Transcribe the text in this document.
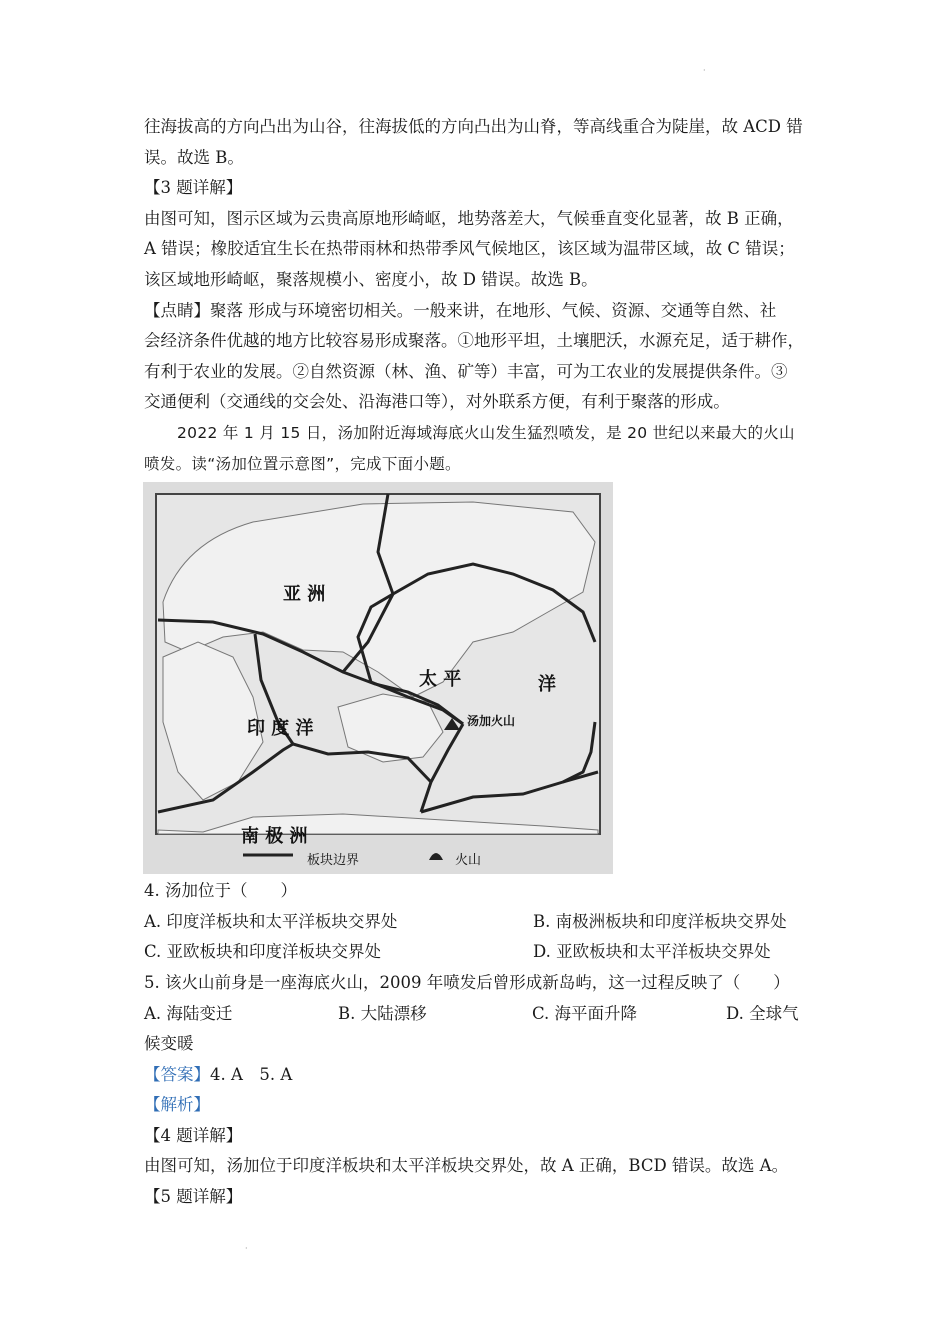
·
往海拔高的方向凸出为山谷，往海拔低的方向凸出为山脊，等高线重合为陡崖，故 ACD 错
误。故选 B。
【3 题详解】
由图可知，图示区域为云贵高原地形崎岖，地势落差大，气候垂直变化显著，故 B 正确，
A 错误；橡胶适宜生长在热带雨林和热带季风气候地区，该区域为温带区域，故 C 错误；
该区域地形崎岖，聚落规模小、密度小，故 D 错误。故选 B。
【点睛】聚落 形成与环境密切相关。一般来讲，在地形、气候、资源、交通等自然、社
会经济条件优越的地方比较容易形成聚落。①地形平坦，土壤肥沃，水源充足，适于耕作，
有利于农业的发展。②自然资源（林、渔、矿等）丰富，可为工农业的发展提供条件。③
交通便利（交通线的交会处、沿海港口等），对外联系方便，有利于聚落的形成。
2022 年 1 月 15 日，汤加附近海域海底火山发生猛烈喷发，是 20 世纪以来最大的火山
喷发。读“汤加位置示意图”，完成下面小题。
亚 洲
太 平	洋
印 度 洋	汤加火山
南 极 洲
板块边界	火山
4. 汤加位于（　　）
A. 印度洋板块和太平洋板块交界处	B. 南极洲板块和印度洋板块交界处
C. 亚欧板块和印度洋板块交界处	D. 亚欧板块和太平洋板块交界处
5. 该火山前身是一座海底火山，2009 年喷发后曾形成新岛屿，这一过程反映了（　　）
A. 海陆变迁	B. 大陆漂移	C. 海平面升降	D. 全球气
候变暖
【答案】4. A　5. A
【解析】
【4 题详解】
由图可知，汤加位于印度洋板块和太平洋板块交界处，故 A 正确，BCD 错误。故选 A。
【5 题详解】
·
